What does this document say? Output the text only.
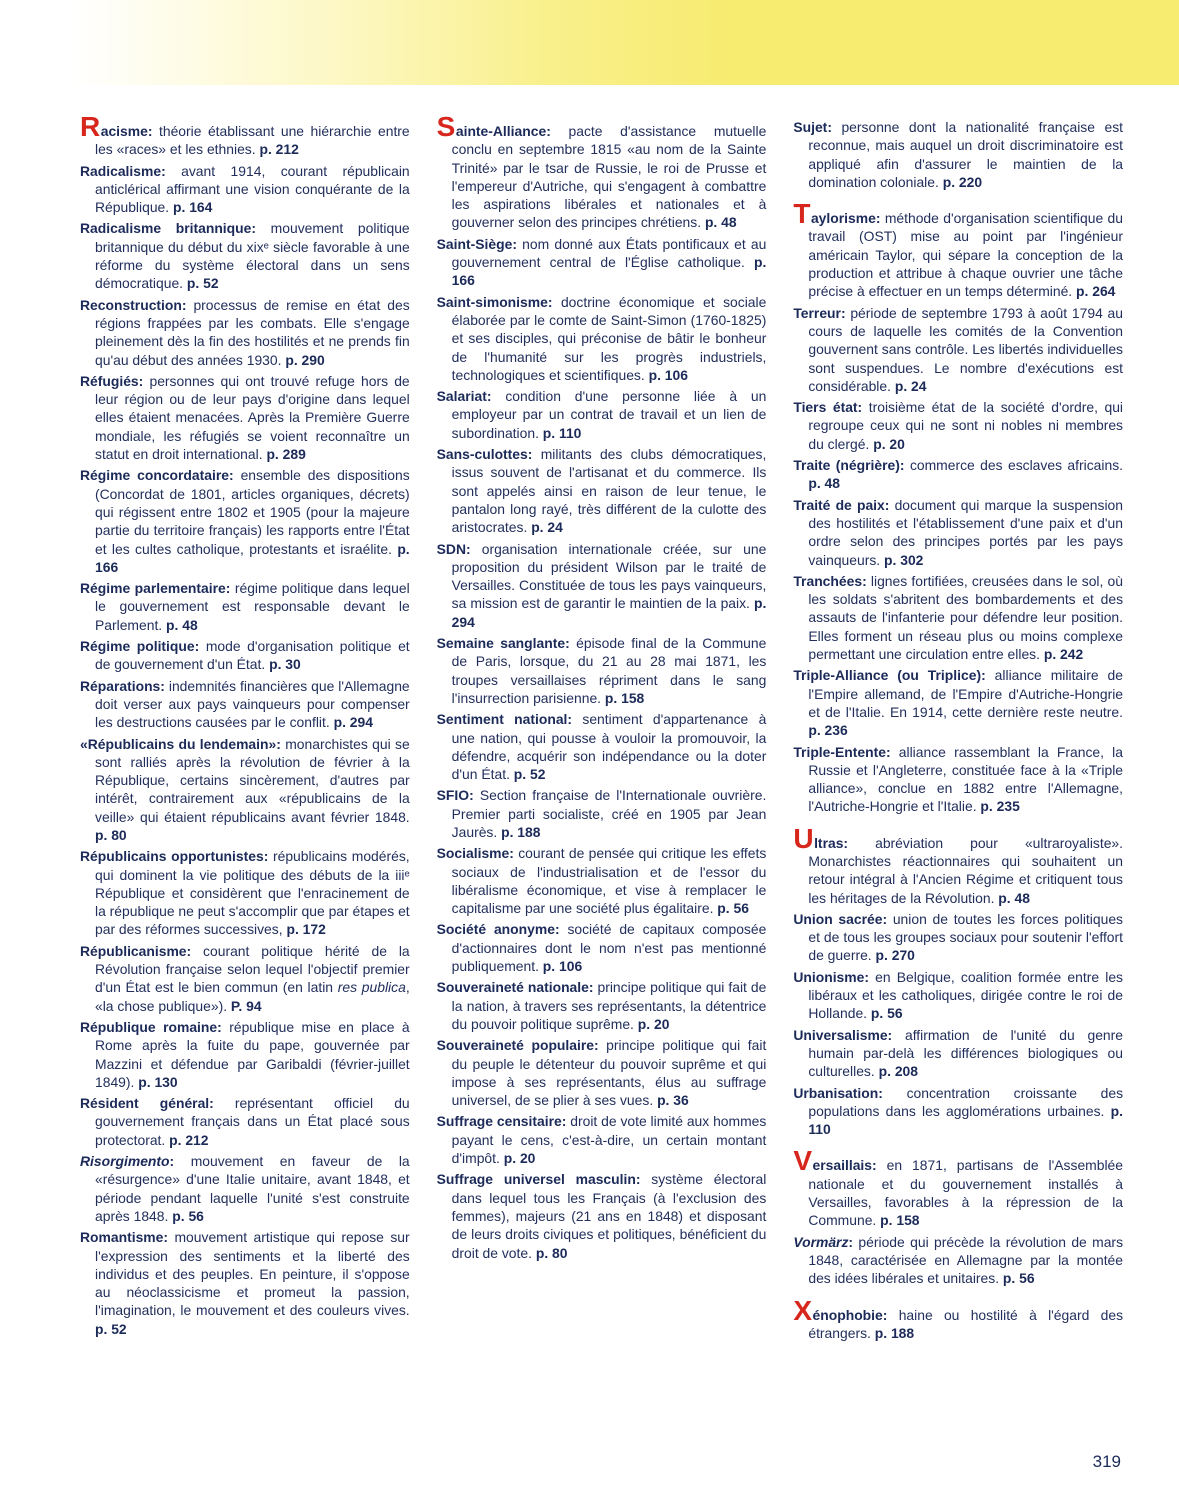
Racisme: théorie établissant une hiérarchie entre les «races» et les ethnies. p. 212

Radicalisme: avant 1914, courant républicain anticlérical affirmant une vision conquérante de la République. p. 164

Radicalisme britannique: mouvement politique britannique du début du xixᵉ siècle favorable à une réforme du système électoral dans un sens démocratique. p. 52

Reconstruction: processus de remise en état des régions frappées par les combats. Elle s'engage pleinement dès la fin des hostilités et ne prends fin qu'au début des années 1930. p. 290

Réfugiés: personnes qui ont trouvé refuge hors de leur région ou de leur pays d'origine dans lequel elles étaient menacées. Après la Première Guerre mondiale, les réfugiés se voient reconnaître un statut en droit international. p. 289

Régime concordataire: ensemble des dispositions (Concordat de 1801, articles organiques, décrets) qui régissent entre 1802 et 1905 (pour la majeure partie du territoire français) les rapports entre l'État et les cultes catholique, protestants et israélite. p. 166

Régime parlementaire: régime politique dans lequel le gouvernement est responsable devant le Parlement. p. 48

Régime politique: mode d'organisation politique et de gouvernement d'un État. p. 30

Réparations: indemnités financières que l'Allemagne doit verser aux pays vainqueurs pour compenser les destructions causées par le conflit. p. 294

«Républicains du lendemain»: monarchistes qui se sont ralliés après la révolution de février à la République, certains sincèrement, d'autres par intérêt, contrairement aux «républicains de la veille» qui étaient républicains avant février 1848. p. 80

Républicains opportunistes: républicains modérés, qui dominent la vie politique des débuts de la iiiᵉ République et considèrent que l'enracinement de la république ne peut s'accomplir que par étapes et par des réformes successives, p. 172

Républicanisme: courant politique hérité de la Révolution française selon lequel l'objectif premier d'un État est le bien commun (en latin res publica, «la chose publique»). P. 94

République romaine: république mise en place à Rome après la fuite du pape, gouvernée par Mazzini et défendue par Garibaldi (février-juillet 1849). p. 130

Résident général: représentant officiel du gouvernement français dans un État placé sous protectorat. p. 212

Risorgimento: mouvement en faveur de la «résurgence» d'une Italie unitaire, avant 1848, et période pendant laquelle l'unité s'est construite après 1848. p. 56

Romantisme: mouvement artistique qui repose sur l'expression des sentiments et la liberté des individus et des peuples. En peinture, il s'oppose au néoclassicisme et promeut la passion, l'imagination, le mouvement et des couleurs vives. p. 52

Sainte-Alliance: pacte d'assistance mutuelle conclu en septembre 1815 «au nom de la Sainte Trinité» par le tsar de Russie, le roi de Prusse et l'empereur d'Autriche, qui s'engagent à combattre les aspirations libérales et nationales et à gouverner selon des principes chrétiens. p. 48

Saint-Siège: nom donné aux États pontificaux et au gouvernement central de l'Église catholique. p. 166

Saint-simonisme: doctrine économique et sociale élaborée par le comte de Saint-Simon (1760-1825) et ses disciples, qui préconise de bâtir le bonheur de l'humanité sur les progrès industriels, technologiques et scientifiques. p. 106

Salariat: condition d'une personne liée à un employeur par un contrat de travail et un lien de subordination. p. 110

Sans-culottes: militants des clubs démocratiques, issus souvent de l'artisanat et du commerce. Ils sont appelés ainsi en raison de leur tenue, le pantalon long rayé, très différent de la culotte des aristocrates. p. 24

SDN: organisation internationale créée, sur une proposition du président Wilson par le traité de Versailles. Constituée de tous les pays vainqueurs, sa mission est de garantir le maintien de la paix. p. 294

Semaine sanglante: épisode final de la Commune de Paris, lorsque, du 21 au 28 mai 1871, les troupes versaillaises répriment dans le sang l'insurrection parisienne. p. 158

Sentiment national: sentiment d'appartenance à une nation, qui pousse à vouloir la promouvoir, la défendre, acquérir son indépendance ou la doter d'un État. p. 52

SFIO: Section française de l'Internationale ouvrière. Premier parti socialiste, créé en 1905 par Jean Jaurès. p. 188

Socialisme: courant de pensée qui critique les effets sociaux de l'industrialisation et de l'essor du libéralisme économique, et vise à remplacer le capitalisme par une société plus égalitaire. p. 56

Société anonyme: société de capitaux composée d'actionnaires dont le nom n'est pas mentionné publiquement. p. 106

Souveraineté nationale: principe politique qui fait de la nation, à travers ses représentants, la détentrice du pouvoir politique suprême. p. 20

Souveraineté populaire: principe politique qui fait du peuple le détenteur du pouvoir suprême et qui impose à ses représentants, élus au suffrage universel, de se plier à ses vues. p. 36

Suffrage censitaire: droit de vote limité aux hommes payant le cens, c'est-à-dire, un certain montant d'impôt. p. 20

Suffrage universel masculin: système électoral dans lequel tous les Français (à l'exclusion des femmes), majeurs (21 ans en 1848) et disposant de leurs droits civiques et politiques, bénéficient du droit de vote. p. 80

Sujet: personne dont la nationalité française est reconnue, mais auquel un droit discriminatoire est appliqué afin d'assurer le maintien de la domination coloniale. p. 220

Taylorisme: méthode d'organisation scientifique du travail (OST) mise au point par l'ingénieur américain Taylor, qui sépare la conception de la production et attribue à chaque ouvrier une tâche précise à effectuer en un temps déterminé. p. 264

Terreur: période de septembre 1793 à août 1794 au cours de laquelle les comités de la Convention gouvernent sans contrôle. Les libertés individuelles sont suspendues. Le nombre d'exécutions est considérable. p. 24

Tiers état: troisième état de la société d'ordre, qui regroupe ceux qui ne sont ni nobles ni membres du clergé. p. 20

Traite (négrière): commerce des esclaves africains. p. 48

Traité de paix: document qui marque la suspension des hostilités et l'établissement d'une paix et d'un ordre selon des principes portés par les pays vainqueurs. p. 302

Tranchées: lignes fortifiées, creusées dans le sol, où les soldats s'abritent des bombardements et des assauts de l'infanterie pour défendre leur position. Elles forment un réseau plus ou moins complexe permettant une circulation entre elles. p. 242

Triple-Alliance (ou Triplice): alliance militaire de l'Empire allemand, de l'Empire d'Autriche-Hongrie et de l'Italie. En 1914, cette dernière reste neutre. p. 236

Triple-Entente: alliance rassemblant la France, la Russie et l'Angleterre, constituée face à la «Triple alliance», conclue en 1882 entre l'Allemagne, l'Autriche-Hongrie et l'Italie. p. 235

Ultras: abréviation pour «ultraroyaliste». Monarchistes réactionnaires qui souhaitent un retour intégral à l'Ancien Régime et critiquent tous les héritages de la Révolution. p. 48

Union sacrée: union de toutes les forces politiques et de tous les groupes sociaux pour soutenir l'effort de guerre. p. 270

Unionisme: en Belgique, coalition formée entre les libéraux et les catholiques, dirigée contre le roi de Hollande. p. 56

Universalisme: affirmation de l'unité du genre humain par-delà les différences biologiques ou culturelles. p. 208

Urbanisation: concentration croissante des populations dans les agglomérations urbaines. p. 110

Versaillais: en 1871, partisans de l'Assemblée nationale et du gouvernement installés à Versailles, favorables à la répression de la Commune. p. 158

Vormärz: période qui précède la révolution de mars 1848, caractérisée en Allemagne par la montée des idées libérales et unitaires. p. 56

Xénophobie: haine ou hostilité à l'égard des étrangers. p. 188

319
